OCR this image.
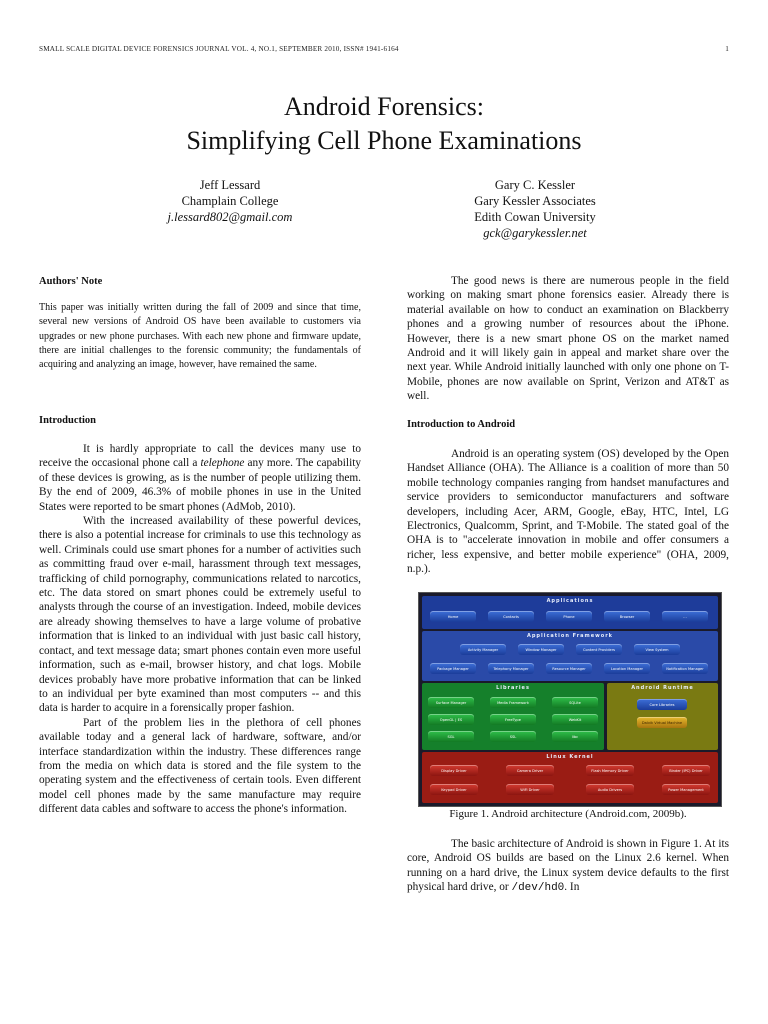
SMALL SCALE DIGITAL DEVICE FORENSICS JOURNAL VOL. 4, NO.1, SEPTEMBER 2010, ISSN# 1941-6164	1
Android Forensics:
Simplifying Cell Phone Examinations
Jeff Lessard
Champlain College
j.lessard802@gmail.com
Gary C. Kessler
Gary Kessler Associates
Edith Cowan University
gck@garykessler.net
Authors' Note

This paper was initially written during the fall of 2009 and since that time, several new versions of Android OS have been available to customers via upgrades or new phone purchases. With each new phone and firmware update, there are initial challenges to the forensic community; the fundamentals of acquiring and analyzing an image, however, have remained the same.

Introduction

It is hardly appropriate to call the devices many use to receive the occasional phone call a telephone any more. The capability of these devices is growing, as is the number of people utilizing them. By the end of 2009, 46.3% of mobile phones in use in the United States were reported to be smart phones (AdMob, 2010).

With the increased availability of these powerful devices, there is also a potential increase for criminals to use this technology as well. Criminals could use smart phones for a number of activities such as committing fraud over e-mail, harassment through text messages, trafficking of child pornography, communications related to narcotics, etc. The data stored on smart phones could be extremely useful to analysts through the course of an investigation. Indeed, mobile devices are already showing themselves to have a large volume of probative information that is linked to an individual with just basic call history, contact, and text message data; smart phones contain even more useful information, such as e-mail, browser history, and chat logs. Mobile devices probably have more probative information that can be linked to an individual per byte examined than most computers -- and this data is harder to acquire in a forensically proper fashion.

Part of the problem lies in the plethora of cell phones available today and a general lack of hardware, software, and/or interface standardization within the industry. These differences range from the media on which data is stored and the file system to the operating system and the effectiveness of certain tools. Even different model cell phones made by the same manufacture may require different data cables and software to access the phone's information.

The good news is there are numerous people in the field working on making smart phone forensics easier. Already there is material available on how to conduct an examination on Blackberry phones and a growing number of resources about the iPhone. However, there is a new smart phone OS on the market named Android and it will likely gain in appeal and market share over the next year. While Android initially launched with only one phone on T-Mobile, phones are now available on Sprint, Verizon and AT&T as well.

Introduction to Android

Android is an operating system (OS) developed by the Open Handset Alliance (OHA). The Alliance is a coalition of more than 50 mobile technology companies ranging from handset manufactures and service providers to semiconductor manufacturers and software developers, including Acer, ARM, Google, eBay, HTC, Intel, LG Electronics, Qualcomm, Sprint, and T-Mobile. The stated goal of the OHA is to "accelerate innovation in mobile and offer consumers a richer, less expensive, and better mobile experience" (OHA, 2009, n.p.).

Applications
Home	Contacts	Phone	Browser	...
Application Framework
Activity Manager	Window Manager	Content Providers	View System
Package Manager	Telephony Manager	Resource Manager	Location Manager	Notification Manager
Libraries
Surface Manager	Media Framework	SQLite
OpenGL | ES	FreeType	WebKit
SGL	SSL	libc
Android Runtime
Core Libraries
Dalvik Virtual Machine
Linux Kernel
Display Driver	Camera Driver	Flash Memory Driver	Binder (IPC) Driver
Keypad Driver	WiFi Driver	Audio Drivers	Power Management
Figure 1. Android architecture (Android.com, 2009b).

The basic architecture of Android is shown in Figure 1. At its core, Android OS builds are based on the Linux 2.6 kernel. When running on a hard drive, the Linux system device defaults to the first physical hard drive, or /dev/hd0. In
